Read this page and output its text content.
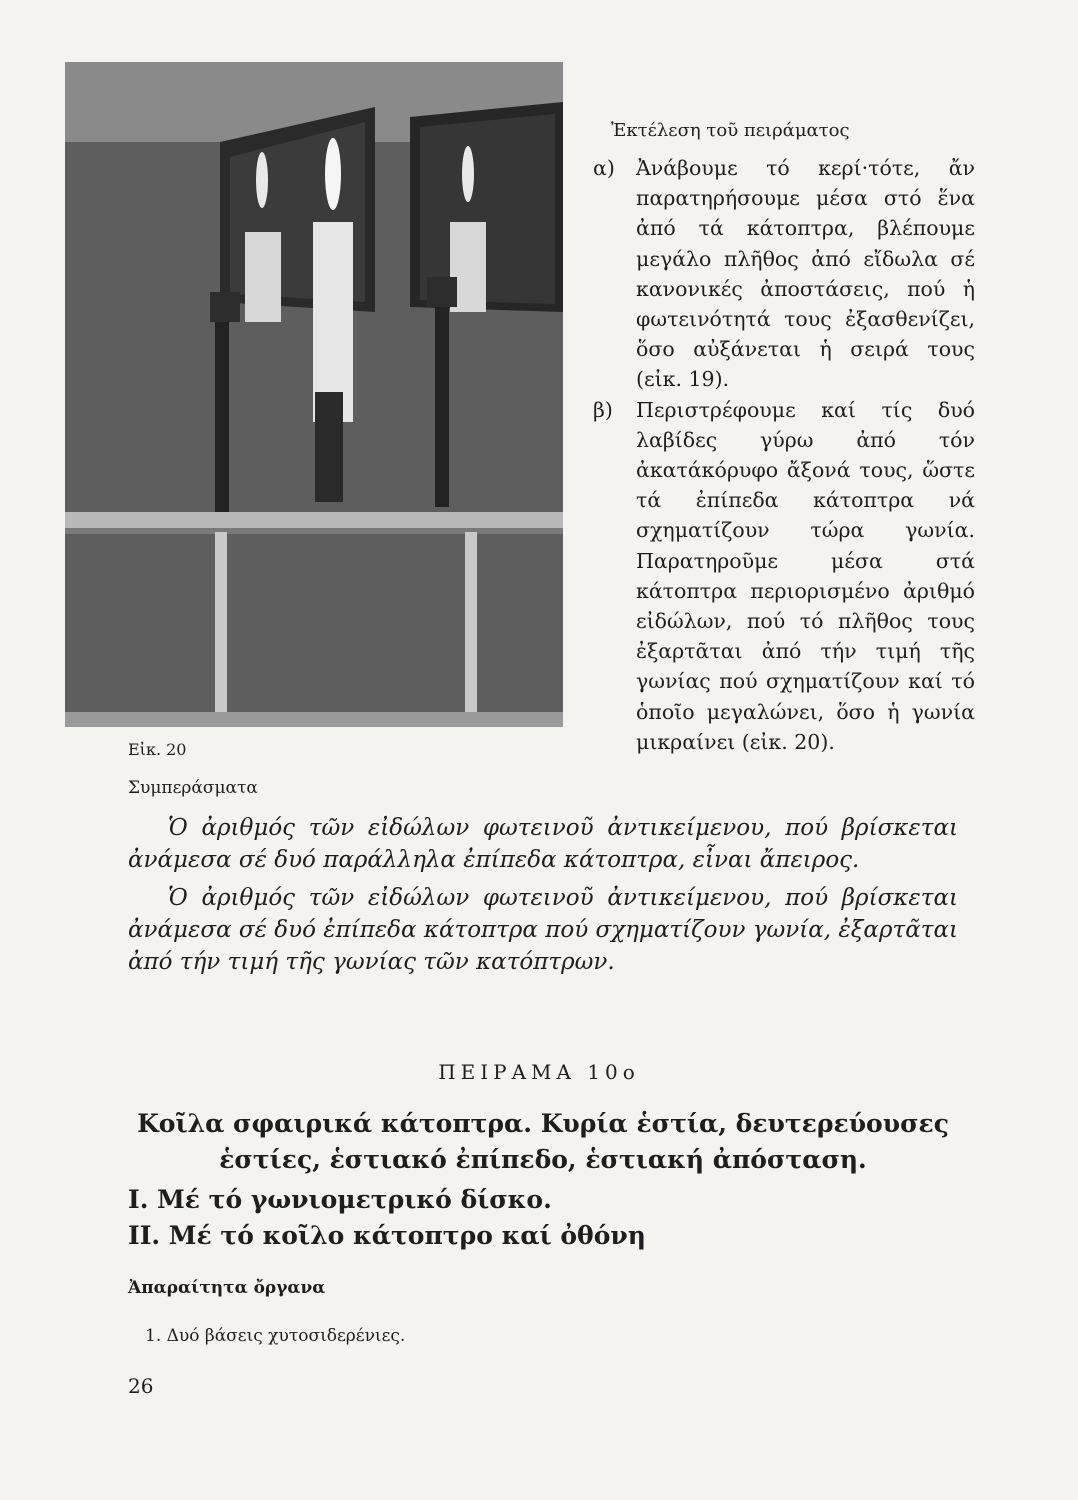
Εἰκ. 20
Ἐκτέλεση τοῦ πειράματος
α) Ἀνάβουμε τό κερί·τότε, ἄν παρατηρήσουμε μέσα στό ἕνα ἀπό τά κάτοπτρα, βλέπουμε μεγάλο πλῆθος ἀπό εἴδωλα σέ κανονικές ἀποστάσεις, πού ἡ φωτεινότητά τους ἐξασθενίζει, ὅσο αὐξάνεται ἡ σειρά τους (εἰκ. 19).
β) Περιστρέφουμε καί τίς δυό λαβίδες γύρω ἀπό τόν ἀκατάκόρυφο ἄξονά τους, ὥστε τά ἐπίπεδα κάτοπτρα νά σχηματίζουν τώρα γωνία. Παρατηροῦμε μέσα στά κάτοπτρα περιορισμένο ἀριθμό εἰδώλων, πού τό πλῆθος τους ἐξαρτᾶται ἀπό τήν τιμή τῆς γωνίας πού σχηματίζουν καί τό ὁποῖο μεγαλώνει, ὅσο ἡ γωνία μικραίνει (εἰκ. 20).
Συμπεράσματα

Ὁ ἀριθμός τῶν εἰδώλων φωτεινοῦ ἀντικείμενου, πού βρίσκεται ἀνάμεσα σέ δυό παράλληλα ἐπίπεδα κάτοπτρα, εἶναι ἄπειρος.

Ὁ ἀριθμός τῶν εἰδώλων φωτεινοῦ ἀντικείμενου, πού βρίσκεται ἀνάμεσα σέ δυό ἐπίπεδα κάτοπτρα πού σχηματίζουν γωνία, ἐξαρτᾶται ἀπό τήν τιμή τῆς γωνίας τῶν κατόπτρων.

ΠΕΙΡΑΜΑ 10ο
Κοῖλα σφαιρικά κάτοπτρα. Κυρία ἑστία, δευτερεύουσες ἑστίες, ἑστιακό ἐπίπεδο, ἑστιακή ἀπόσταση.
I. Μέ τό γωνιομετρικό δίσκο.
II. Μέ τό κοῖλο κάτοπτρο καί ὀθόνη
Ἀπαραίτητα ὄργανα
1. Δυό βάσεις χυτοσιδερένιες.
26
